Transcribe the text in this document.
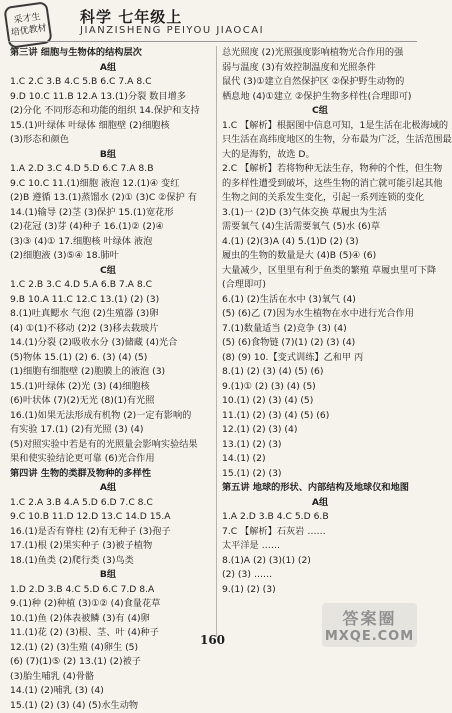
采才生
培优教材
科学 七年级上
JIANZISHENG PEIYOU JIAOCAI
第三讲 细胞与生物体的结构层次
A组
1.C 2.C 3.B 4.C 5.B 6.C 7.A 8.C
9.D 10.C 11.B 12.A 13.(1)分裂 数目增多
(2)分化 不同形态和功能的组织 14.保护和支持
15.(1)叶绿体 叶绿体 细胞壁 (2)细胞核
(3)形态和颜色
B组
1.A 2.D 3.C 4.D 5.D 6.C 7.A 8.B
9.C 10.C 11.(1)细胞 液泡 12.(1)④ 变红
(2)B 遵循 13.(1)蒸馏水 (2)① (3)C ②保护 有
14.(1)输导 (2)茎 (3)保护 15.(1)宽花形
(2)花冠 (3)芽 (4)种子 16.(1)② (2)④
(3)③ (4)① 17.细胞核 叶绿体 液泡
(2)细胞液 (3)⑤④ 18.肺叶
C组
1.C 2.B 3.C 4.D 5.A 6.B 7.A 8.C
9.B 10.A 11.C 12.C 13.(1) (2) (3)
8.(1)吐真鳃水 气泡 (2)生殖器 (3)卵
(4) ①(1)不移动 (2)2 (3)移去载玻片
14.(1)分裂 (2)吸收水分 (3)储藏 (4)光合
(5)物体 15.(1) (2) 6. (3) (4) (5)
(1)细胞有细胞壁 (2)胞膜上的液泡 (3)
15.(1)叶绿体 (2)光 (3) (4)细胞核
(6)叶状体 (7)(2)无光 (8)(1)有光照
16.(1)如果无法形成有机物 (2)一定有影响的
有实验 17.(1) (2)有光照 (3) (4)
(5)对照实验中若是有的光照量会影响实验结果
果和使实验结论更可靠 (6)光合作用
第四讲 生物的类群及物种的多样性
A组
1.C 2.A 3.B 4.A 5.D 6.D 7.C 8.C
9.C 10.B 11.D 12.D 13.C 14.D 15.A
16.(1)是否有脊柱 (2)有无种子 (3)孢子
17.(1)根 (2)果实种子 (3)被子植物
18.(1)鱼类 (2)爬行类 (3)鸟类
B组
1.D 2.D 3.B 4.C 5.D 6.C 7.D 8.A
9.(1)种 (2)种植 (3)①② (4)食量花草
10.(1)鱼 (2)体表被鳞 (3)有 (4)卵
11.(1)花 (2) (3)根、茎、叶 (4)种子
12.(1) (2) (3)生殖 (4)卵生 (5)
(6) (7)(1)⑤ (2) 13.(1) (2)被子
(3)胎生哺乳 (4)骨骼
14.(1) (2)哺乳 (3) (4)
15.(1) (2) (3) (4) (5)水生动物
总光照度 (2)光照强度影响植物光合作用的强
弱与温度 (3)有效控制温度和光照条件
鼠代 (3)①建立自然保护区 ②保护野生动物的
栖息地 (4)①建立 ②保护生物多样性(合理即可)
C组
1.C 【解析】根据图中信息可知，1是生活在北极海域的
只生活在高纬度地区的生物，分布最为广泛，生活范围最
大的是海豹，故选 D。
2.C 【解析】若将物种无法生存，物种的个性，但生物
的多样性遭受到破坏，这些生物的消亡就可能引起其他
生物之间的关系发生变化，引起一系列连锁的变化
3.(1)一 (2)D (3)气体交换 草履虫为生活
需要氧气 (4)生活需要氧气 (5)水 (6)草
4.(1) (2)(3)A (4) 5.(1)D (2) (3)
履虫的生物的数量是大 (4)B (5)④ (6)
大量减少，区里里有利于鱼类的繁殖 草履虫里可下降
(合理即可)
6.(1) (2)生活在水中 (3)氧气 (4)
(5) (6)乙 (7)因为水生植物在水中进行光合作用
7.(1)数量适当 (2)竞争 (3) (4)
(5) (6)食物链 (7)(1) (2) (3) (4)
(8) (9) 10.【变式训练】乙和甲 丙
8.(1) (2) (3) (4) (5) (6)
9.(1)① (2) (3) (4) (5)
10.(1) (2) (3) (4) (5)
11.(1) (2) (3) (4) (5) (6)
12.(1) (2) (3) (4)
13.(1) (2) (3)
14.(1) (2)
15.(1) (2) (3)
第五讲 地球的形状、内部结构及地球仪和地图
A组
1.A 2.D 3.B 4.C 5.D 6.B
7.C 【解析】石灰岩 ……
太平洋是 ……
8.(1)A (2) (3)(1) (2)
(2) (3) ……
9.(1) (2) (3)
160
答案圈
MXQE.COM
